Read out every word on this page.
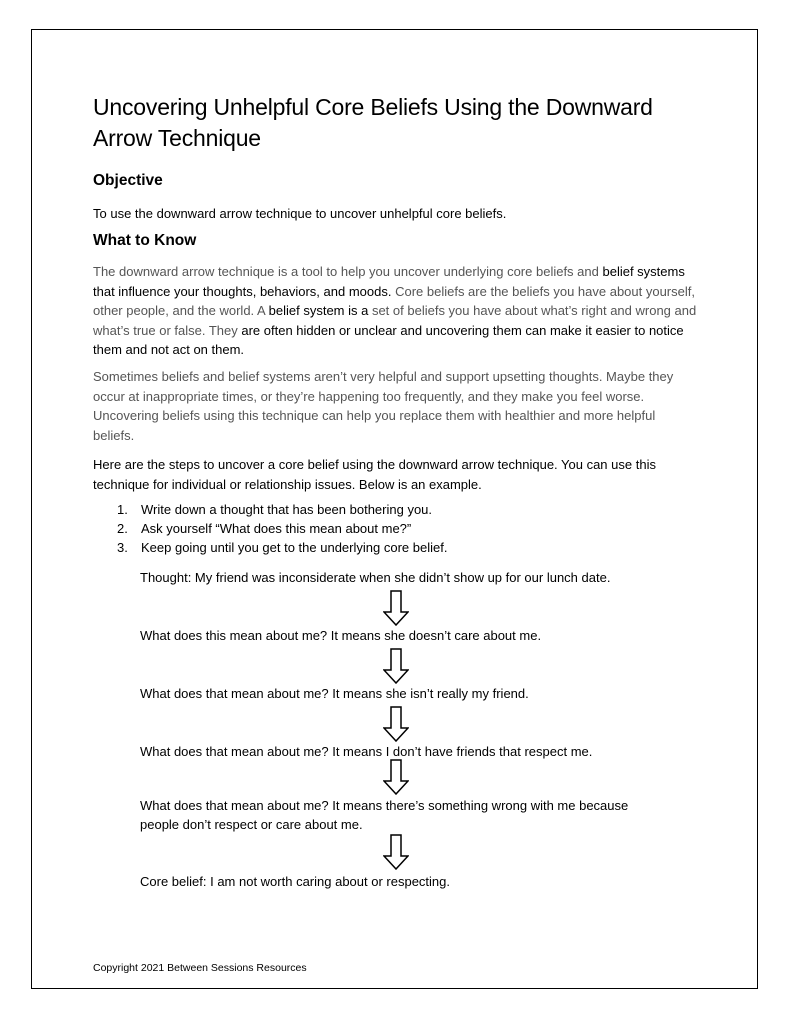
Uncovering Unhelpful Core Beliefs Using the Downward
Arrow Technique
Objective
To use the downward arrow technique to uncover unhelpful core beliefs.
What to Know
The downward arrow technique is a tool to help you uncover underlying core beliefs and belief systems that influence your thoughts, behaviors, and moods. Core beliefs are the beliefs you have about yourself, other people, and the world. A belief system is a set of beliefs you have about what’s right and wrong and what’s true or false. They are often hidden or unclear and uncovering them can make it easier to notice them and not act on them.
Sometimes beliefs and belief systems aren’t very helpful and support upsetting thoughts. Maybe they occur at inappropriate times, or they’re happening too frequently, and they make you feel worse. Uncovering beliefs using this technique can help you replace them with healthier and more helpful beliefs.
Here are the steps to uncover a core belief using the downward arrow technique. You can use this technique for individual or relationship issues. Below is an example.
1. Write down a thought that has been bothering you.
2. Ask yourself “What does this mean about me?”
3. Keep going until you get to the underlying core belief.
Thought: My friend was inconsiderate when she didn’t show up for our lunch date.
What does this mean about me? It means she doesn’t care about me.
What does that mean about me? It means she isn’t really my friend.
What does that mean about me? It means I don’t have friends that respect me.
What does that mean about me? It means there’s something wrong with me because people don’t respect or care about me.
Core belief: I am not worth caring about or respecting.
Copyright 2021 Between Sessions Resources
